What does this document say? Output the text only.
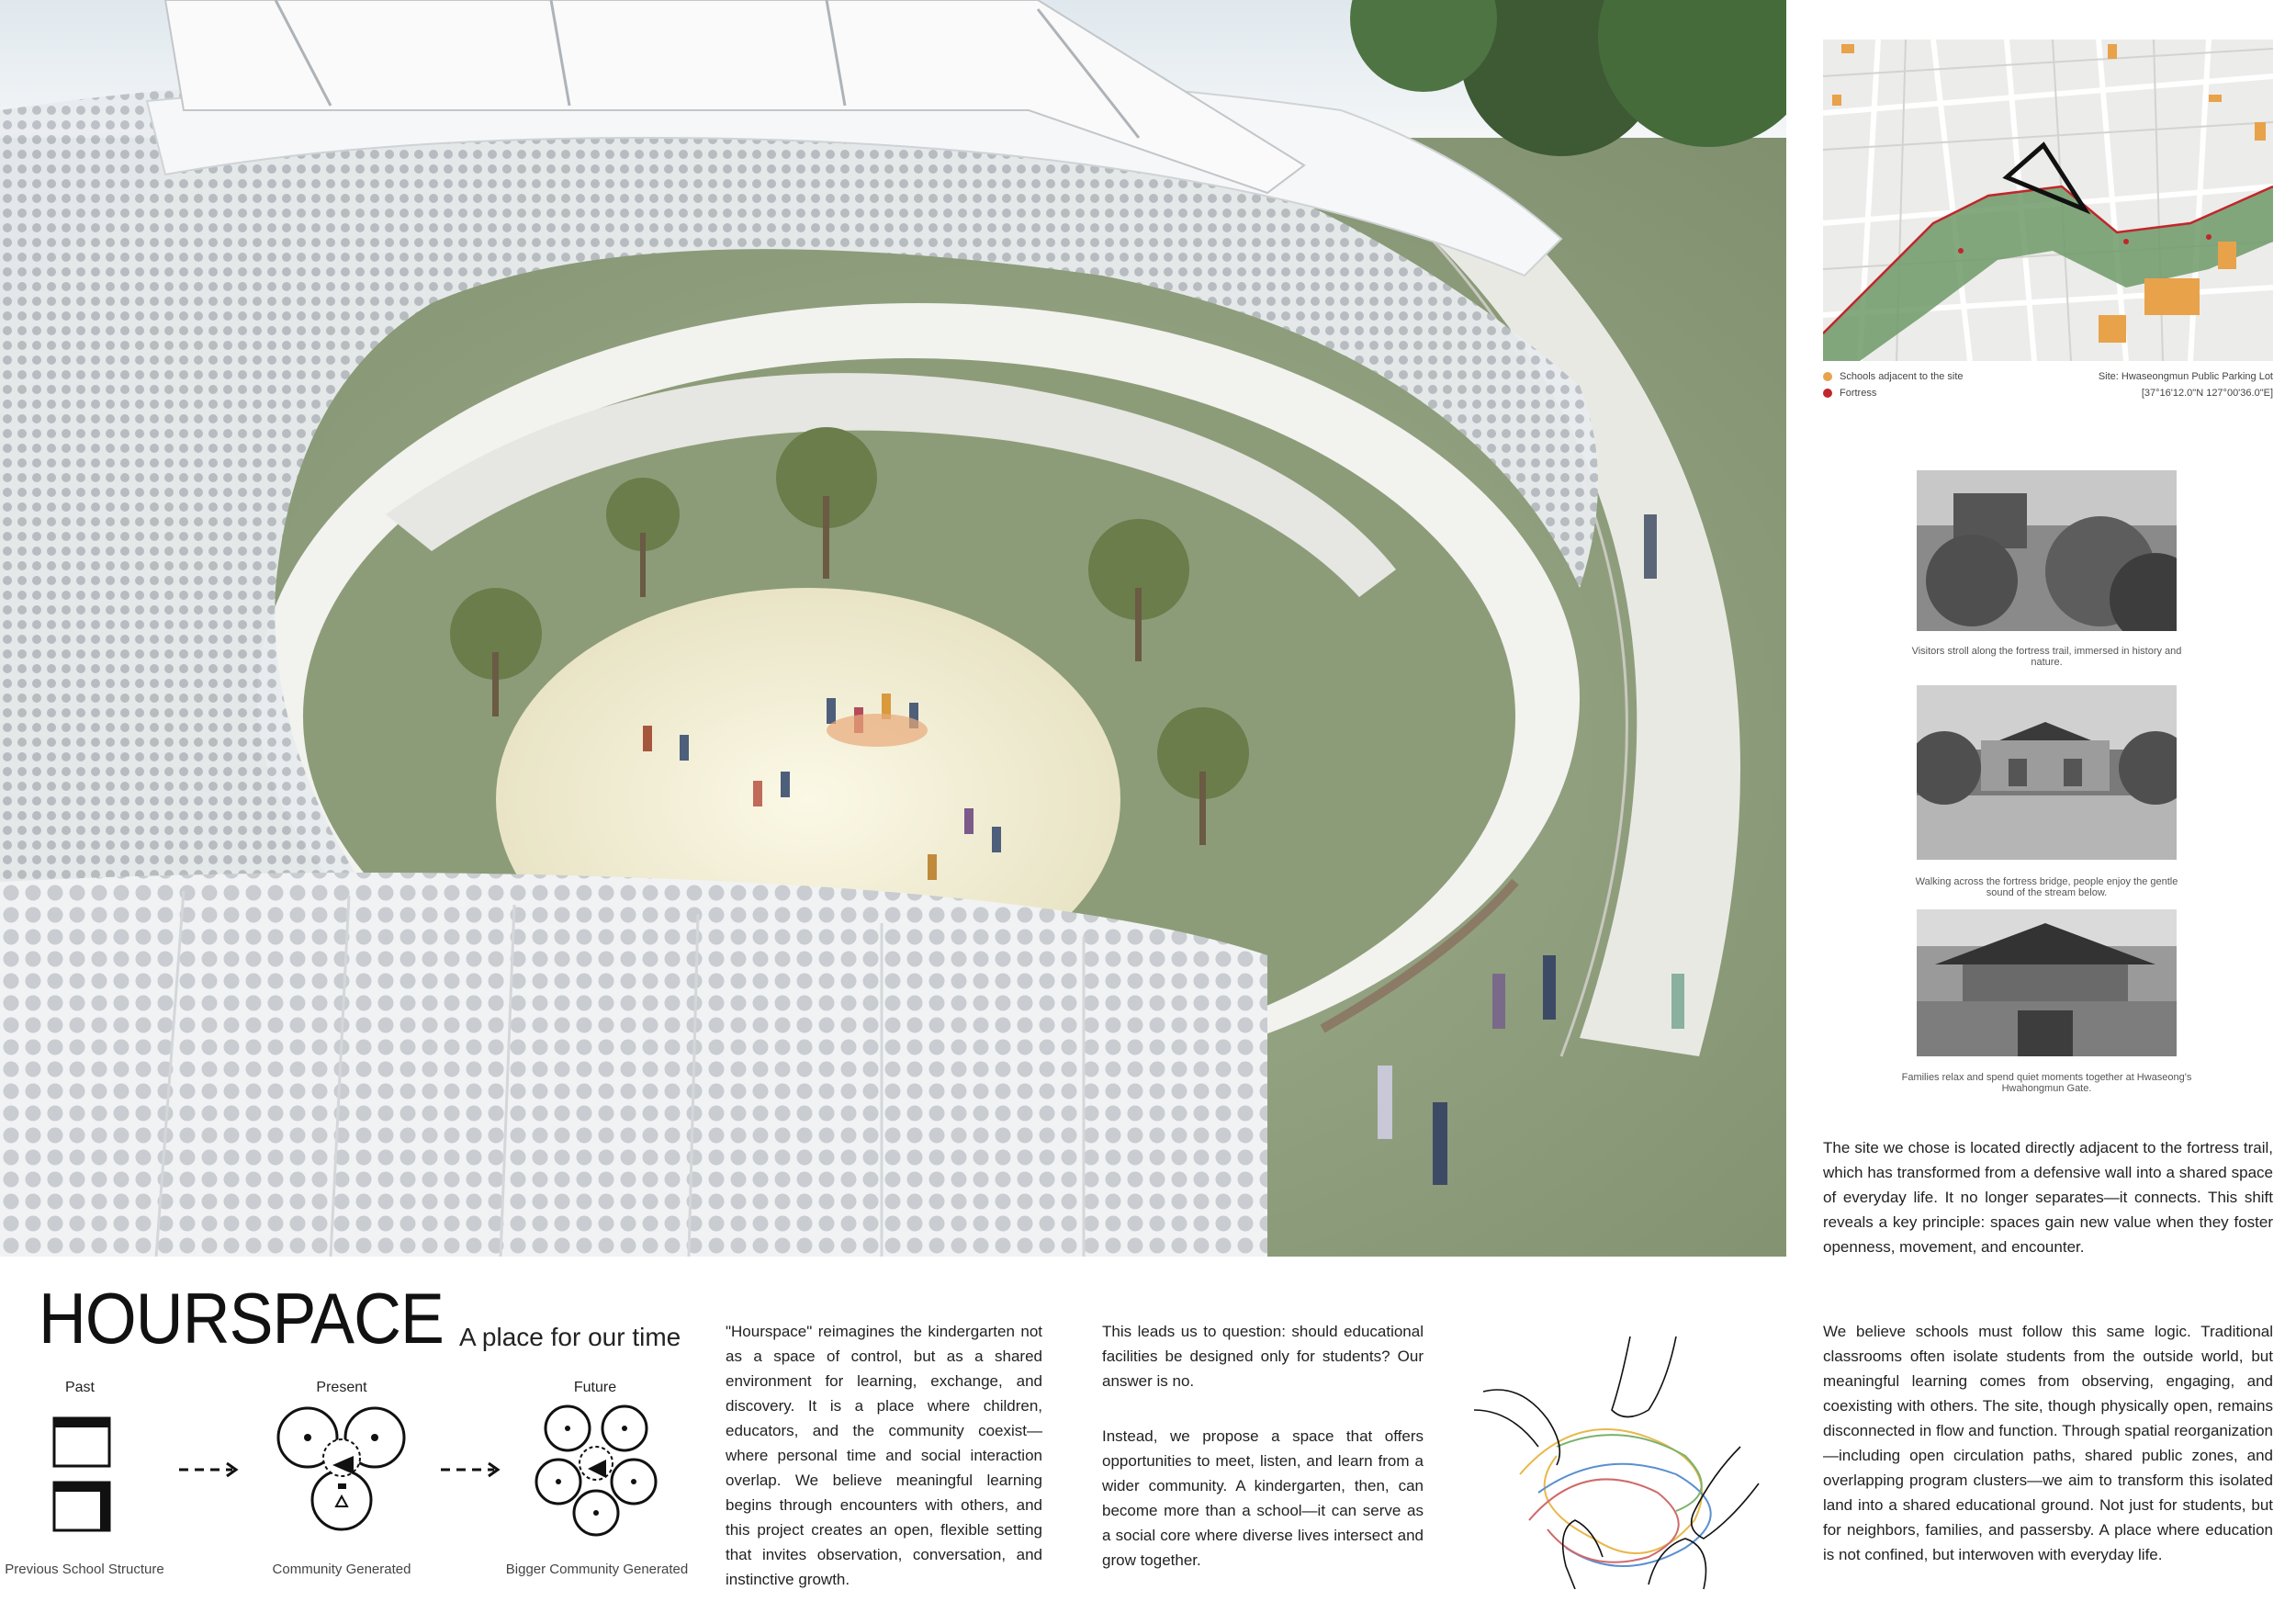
Schools adjacent to the site
Fortress
Site: Hwaseongmun Public Parking Lot
[37°16'12.0"N 127°00'36.0"E]
Visitors stroll along the fortress trail, immersed in history and nature.
Walking across the fortress bridge, people enjoy the gentle sound of the stream below.
Families relax and spend quiet moments together at Hwaseong's Hwahongmun Gate.
The site we chose is located directly adjacent to the fortress trail, which has transformed from a defensive wall into a shared space of everyday life. It no longer separates—it connects. This shift reveals a key principle: spaces gain new value when they foster openness, movement, and encounter.
HOURSPACE A place for our time
Past	Present	Future
Previous School Structure	Community Generated	Bigger Community Generated
"Hourspace" reimagines the kindergarten not as a space of control, but as a shared environment for learning, exchange, and discovery. It is a place where children, educators, and the community coexist—where personal time and social interaction overlap. We believe meaningful learning begins through encounters with others, and this project creates an open, flexible setting that invites observation, conversation, and instinctive growth.
This leads us to question: should educational facilities be designed only for students? Our answer is no.
Instead, we propose a space that offers opportunities to meet, listen, and learn from a wider community. A kindergarten, then, can become more than a school—it can serve as a social core where diverse lives intersect and grow together.
We believe schools must follow this same logic. Traditional classrooms often isolate students from the outside world, but meaningful learning comes from observing, engaging, and coexisting with others. The site, though physically open, remains disconnected in flow and function. Through spatial reorganization—including open circulation paths, shared public zones, and overlapping program clusters—we aim to transform this isolated land into a shared educational ground. Not just for students, but for neighbors, families, and passersby. A place where education is not confined, but interwoven with everyday life.
